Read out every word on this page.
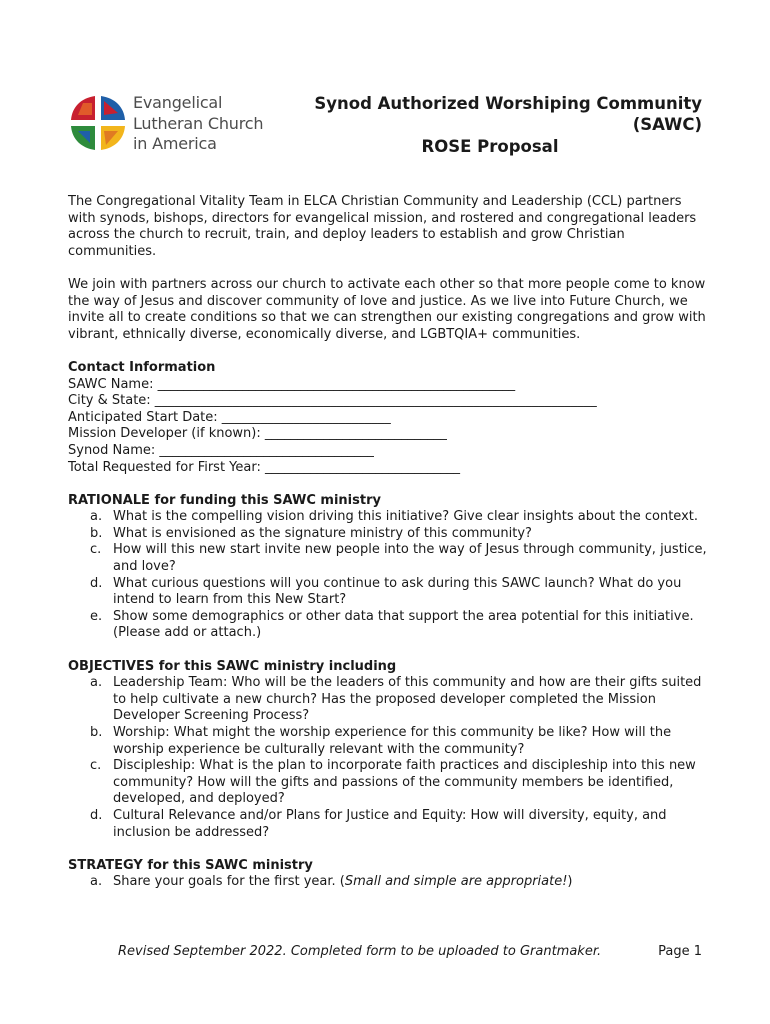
Evangelical
Lutheran Church
in America
Synod Authorized Worshiping Community
(SAWC)
ROSE Proposal

The Congregational Vitality Team in ELCA Christian Community and Leadership (CCL) partners with synods, bishops, directors for evangelical mission, and rostered and congregational leaders across the church to recruit, train, and deploy leaders to establish and grow Christian communities.

We join with partners across our church to activate each other so that more people come to know the way of Jesus and discover community of love and justice. As we live into Future Church, we invite all to create conditions so that we can strengthen our existing congregations and grow with vibrant, ethnically diverse, economically diverse, and LGBTQIA+ communities.

Contact Information
SAWC Name: _______________________________________________________
City & State: ____________________________________________________________________
Anticipated Start Date: __________________________
Mission Developer (if known): ____________________________
Synod Name: _________________________________
Total Requested for First Year: ______________________________
RATIONALE for funding this SAWC ministry
a. What is the compelling vision driving this initiative? Give clear insights about the context.
b. What is envisioned as the signature ministry of this community?
c. How will this new start invite new people into the way of Jesus through community, justice, and love?
d. What curious questions will you continue to ask during this SAWC launch? What do you intend to learn from this New Start?
e. Show some demographics or other data that support the area potential for this initiative. (Please add or attach.)
OBJECTIVES for this SAWC ministry including
a. Leadership Team: Who will be the leaders of this community and how are their gifts suited to help cultivate a new church? Has the proposed developer completed the Mission Developer Screening Process?
b. Worship: What might the worship experience for this community be like? How will the worship experience be culturally relevant with the community?
c. Discipleship: What is the plan to incorporate faith practices and discipleship into this new community? How will the gifts and passions of the community members be identified, developed, and deployed?
d. Cultural Relevance and/or Plans for Justice and Equity: How will diversity, equity, and inclusion be addressed?
STRATEGY for this SAWC ministry
a. Share your goals for the first year. (Small and simple are appropriate!)
Revised September 2022. Completed form to be uploaded to Grantmaker.	Page 1
